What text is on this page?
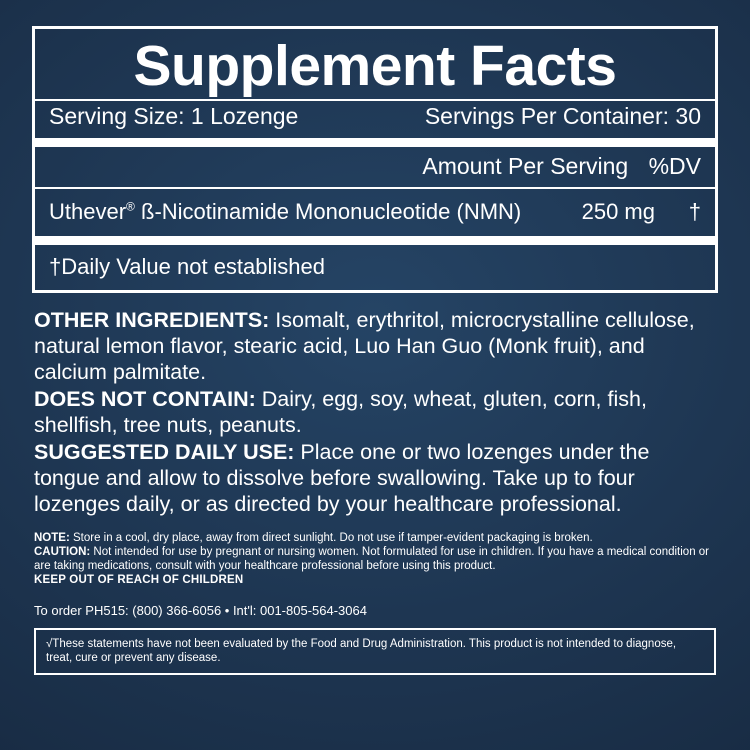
Supplement Facts
Serving Size: 1 Lozenge	Servings Per Container: 30
Amount Per Serving %DV
Uthever® ß-Nicotinamide Mononucleotide (NMN)	250 mg	†
†Daily Value not established

OTHER INGREDIENTS: Isomalt, erythritol, microcrystalline cellulose, natural lemon flavor, stearic acid, Luo Han Guo (Monk fruit), and calcium palmitate.

DOES NOT CONTAIN: Dairy, egg, soy, wheat, gluten, corn, fish, shellfish, tree nuts, peanuts.

SUGGESTED DAILY USE: Place one or two lozenges under the tongue and allow to dissolve before swallowing. Take up to four lozenges daily, or as directed by your healthcare professional.

NOTE: Store in a cool, dry place, away from direct sunlight. Do not use if tamper-evident packaging is broken.

CAUTION: Not intended for use by pregnant or nursing women. Not formulated for use in children. If you have a medical condition or are taking medications, consult with your healthcare professional before using this product.

KEEP OUT OF REACH OF CHILDREN

To order PH515: (800) 366-6056 • Int'l: 001-805-564-3064
√These statements have not been evaluated by the Food and Drug Administration. This product is not intended to diagnose, treat, cure or prevent any disease.
